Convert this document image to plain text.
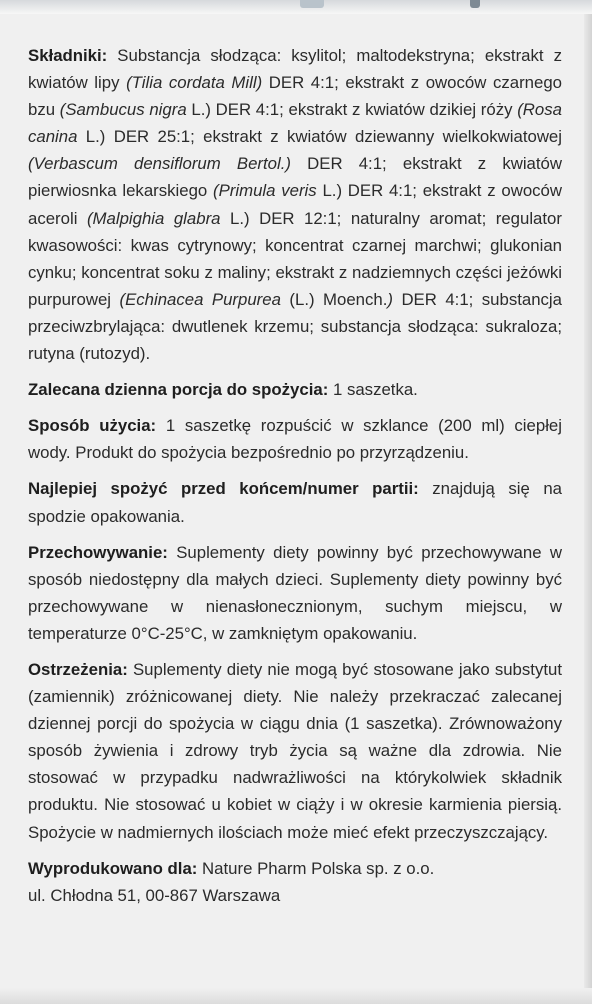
Składniki: Substancja słodząca: ksylitol; maltodekstryna; ekstrakt z kwiatów lipy (Tilia cordata Mill) DER 4:1; ekstrakt z owoców czarnego bzu (Sambucus nigra L.) DER 4:1; ekstrakt z kwiatów dzikiej róży (Rosa canina L.) DER 25:1; ekstrakt z kwiatów dziewanny wielkokwiatowej (Verbascum densiflorum Bertol.) DER 4:1; ekstrakt z kwiatów pierwiosnka lekarskiego (Primula veris L.) DER 4:1; ekstrakt z owoców aceroli (Malpighia glabra L.) DER 12:1; naturalny aromat; regulator kwasowości: kwas cytrynowy; koncentrat czarnej marchwi; glukonian cynku; koncentrat soku z maliny; ekstrakt z nadziemnych części jeżówki purpurowej (Echinacea Purpurea (L.) Moench.) DER 4:1; substancja przeciwzbrylająca: dwutlenek krzemu; substancja słodząca: sukraloza; rutyna (rutozyd).

Zalecana dzienna porcja do spożycia: 1 saszetka.

Sposób użycia: 1 saszetkę rozpuścić w szklance (200 ml) ciepłej wody. Produkt do spożycia bezpośrednio po przyrządzeniu.

Najlepiej spożyć przed końcem/numer partii: znajdują się na spodzie opakowania.

Przechowywanie: Suplementy diety powinny być przechowywane w sposób niedostępny dla małych dzieci. Suplementy diety powinny być przechowywane w nienasłonecznionym, suchym miejscu, w temperaturze 0°C-25°C, w zamkniętym opakowaniu.

Ostrzeżenia: Suplementy diety nie mogą być stosowane jako substytut (zamiennik) zróżnicowanej diety. Nie należy przekraczać zalecanej dziennej porcji do spożycia w ciągu dnia (1 saszetka). Zrównoważony sposób żywienia i zdrowy tryb życia są ważne dla zdrowia. Nie stosować w przypadku nadwrażliwości na którykolwiek składnik produktu. Nie stosować u kobiet w ciąży i w okresie karmienia piersią. Spożycie w nadmiernych ilościach może mieć efekt przeczyszczający.

Wyprodukowano dla: Nature Pharm Polska sp. z o.o.
ul. Chłodna 51, 00-867 Warszawa
